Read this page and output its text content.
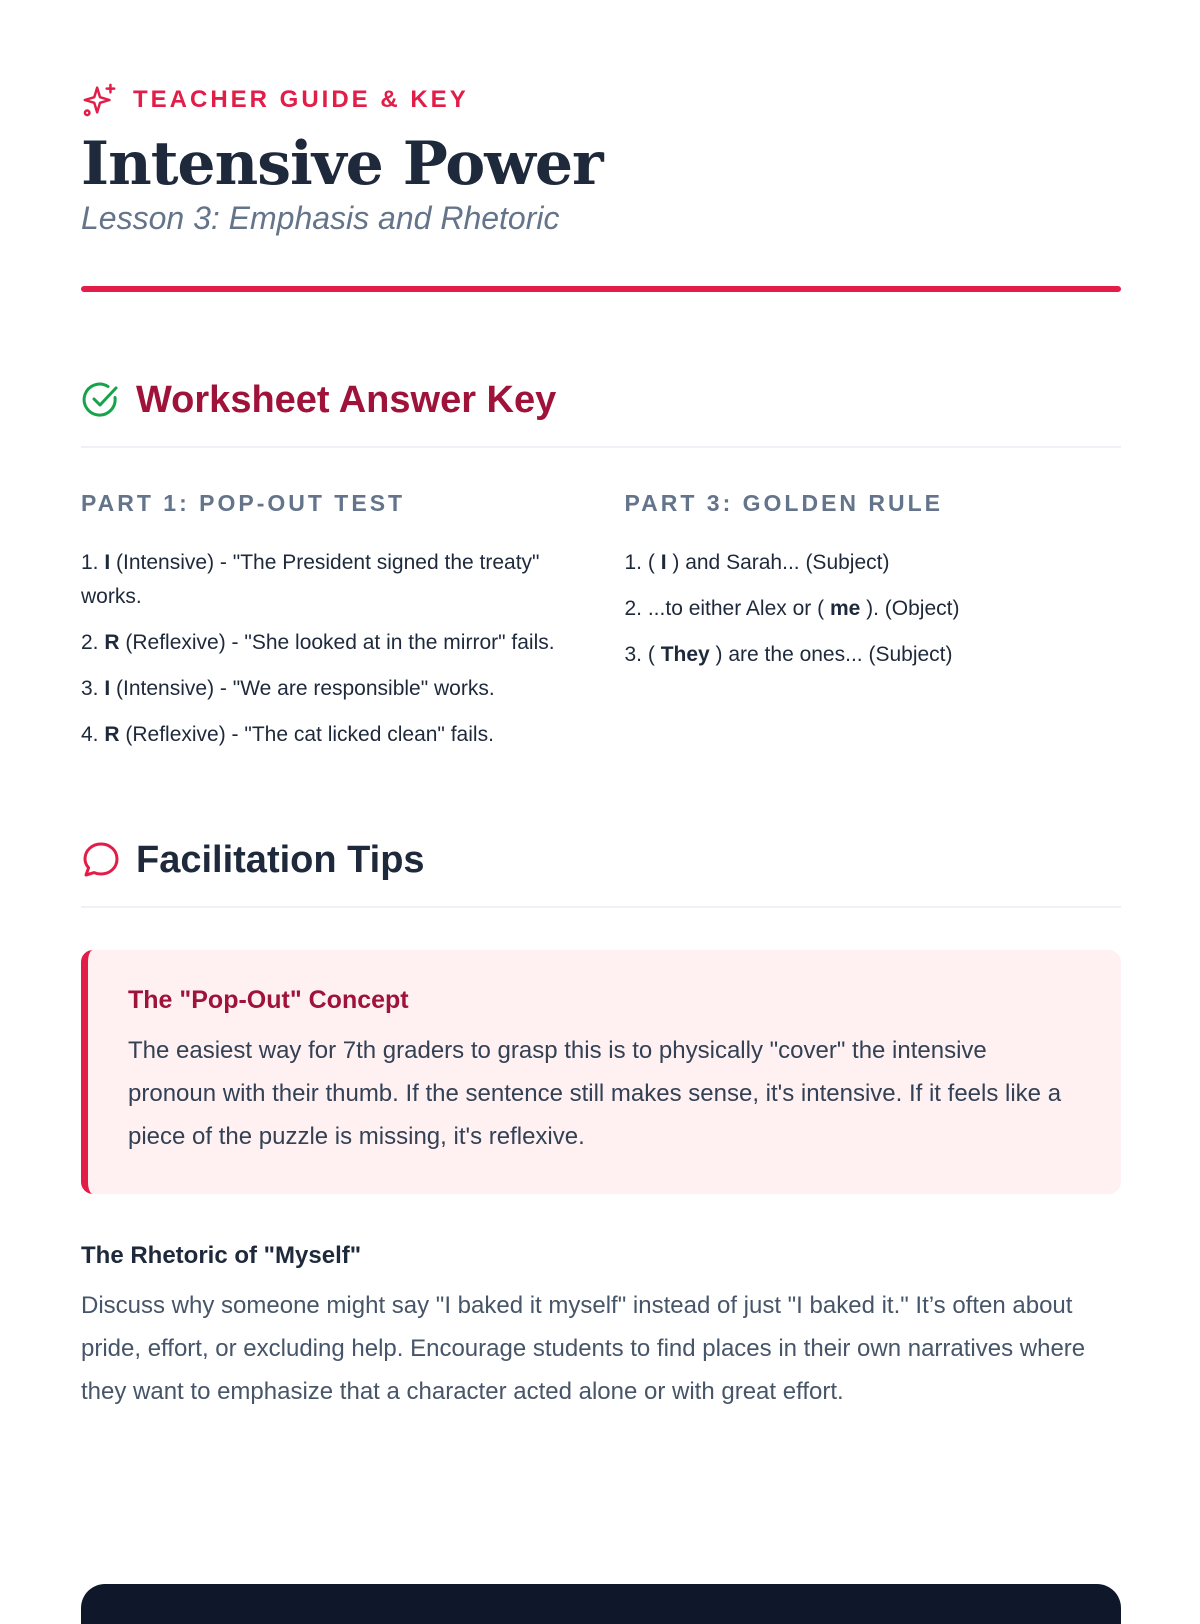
TEACHER GUIDE & KEY
Intensive Power

Lesson 3: Emphasis and Rhetoric

Worksheet Answer Key
PART 1: POP-OUT TEST
1. I (Intensive) - "The President signed the treaty" works.
2. R (Reflexive) - "She looked at in the mirror" fails.
3. I (Intensive) - "We are responsible" works.
4. R (Reflexive) - "The cat licked clean" fails.
PART 3: GOLDEN RULE
1. ( I ) and Sarah... (Subject)
2. ...to either Alex or ( me ). (Object)
3. ( They ) are the ones... (Subject)
Facilitation Tips

The "Pop-Out" Concept

The easiest way for 7th graders to grasp this is to physically "cover" the intensive pronoun with their thumb. If the sentence still makes sense, it's intensive. If it feels like a piece of the puzzle is missing, it's reflexive.

The Rhetoric of "Myself"

Discuss why someone might say "I baked it myself" instead of just "I baked it." It’s often about pride, effort, or excluding help. Encourage students to find places in their own narratives where they want to emphasize that a character acted alone or with great effort.
